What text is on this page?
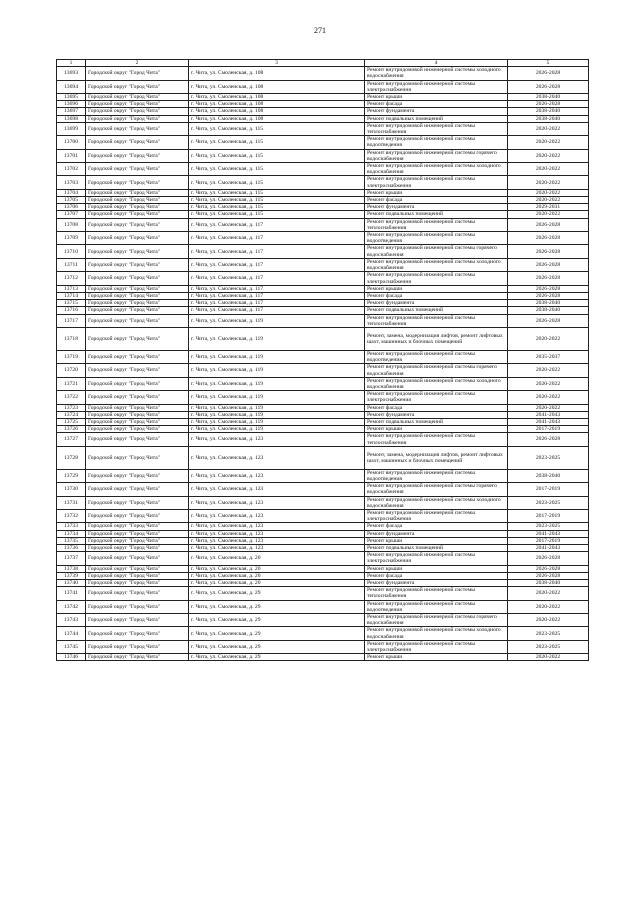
271
1	2	3	4	5
13693	Городской округ "Город Чита"	г. Чита, ул. Смоленская, д. 108	Ремонт внутридомовой инженерной системы холодного водоснабжения	2026-2028
13694	Городской округ "Город Чита"	г. Чита, ул. Смоленская, д. 108	Ремонт внутридомовой инженерной системы электроснабжения	2026-2028
13695	Городской округ "Город Чита"	г. Чита, ул. Смоленская, д. 108	Ремонт крыши	2038-2040
13696	Городской округ "Город Чита"	г. Чита, ул. Смоленская, д. 108	Ремонт фасада	2026-2028
13697	Городской округ "Город Чита"	г. Чита, ул. Смоленская, д. 108	Ремонт фундамента	2038-2040
13698	Городской округ "Город Чита"	г. Чита, ул. Смоленская, д. 108	Ремонт подвальных помещений	2038-2040
13699	Городской округ "Город Чита"	г. Чита, ул. Смоленская, д. 115	Ремонт внутридомовой инженерной системы теплоснабжения	2020-2022
13700	Городской округ "Город Чита"	г. Чита, ул. Смоленская, д. 115	Ремонт внутридомовой инженерной системы водоотведения	2020-2022
13701	Городской округ "Город Чита"	г. Чита, ул. Смоленская, д. 115	Ремонт внутридомовой инженерной системы горячего водоснабжения	2020-2022
13702	Городской округ "Город Чита"	г. Чита, ул. Смоленская, д. 115	Ремонт внутридомовой инженерной системы холодного водоснабжения	2020-2022
13703	Городской округ "Город Чита"	г. Чита, ул. Смоленская, д. 115	Ремонт внутридомовой инженерной системы электроснабжения	2020-2022
13704	Городской округ "Город Чита"	г. Чита, ул. Смоленская, д. 115	Ремонт крыши	2020-2022
13705	Городской округ "Город Чита"	г. Чита, ул. Смоленская, д. 115	Ремонт фасада	2020-2022
13706	Городской округ "Город Чита"	г. Чита, ул. Смоленская, д. 115	Ремонт фундамента	2029-2031
13707	Городской округ "Город Чита"	г. Чита, ул. Смоленская, д. 115	Ремонт подвальных помещений	2020-2022
13708	Городской округ "Город Чита"	г. Чита, ул. Смоленская, д. 117	Ремонт внутридомовой инженерной системы теплоснабжения	2026-2028
13709	Городской округ "Город Чита"	г. Чита, ул. Смоленская, д. 117	Ремонт внутридомовой инженерной системы водоотведения	2026-2028
13710	Городской округ "Город Чита"	г. Чита, ул. Смоленская, д. 117	Ремонт внутридомовой инженерной системы горячего водоснабжения	2026-2028
13711	Городской округ "Город Чита"	г. Чита, ул. Смоленская, д. 117	Ремонт внутридомовой инженерной системы холодного водоснабжения	2026-2028
13712	Городской округ "Город Чита"	г. Чита, ул. Смоленская, д. 117	Ремонт внутридомовой инженерной системы электроснабжения	2026-2028
13713	Городской округ "Город Чита"	г. Чита, ул. Смоленская, д. 117	Ремонт крыши	2026-2028
13714	Городской округ "Город Чита"	г. Чита, ул. Смоленская, д. 117	Ремонт фасада	2026-2028
13715	Городской округ "Город Чита"	г. Чита, ул. Смоленская, д. 117	Ремонт фундамента	2038-2040
13716	Городской округ "Город Чита"	г. Чита, ул. Смоленская, д. 117	Ремонт подвальных помещений	2038-2040
13717	Городской округ "Город Чита"	г. Чита, ул. Смоленская, д. 119	Ремонт внутридомовой инженерной системы теплоснабжения	2026-2028
13718	Городской округ "Город Чита"	г. Чита, ул. Смоленская, д. 119	Ремонт, замена, модернизация лифтов, ремонт лифтовых шахт, машинных и блочных помещений	2020-2022
13719	Городской округ "Город Чита"	г. Чита, ул. Смоленская, д. 119	Ремонт внутридомовой инженерной системы водоотведения	2035-2037
13720	Городской округ "Город Чита"	г. Чита, ул. Смоленская, д. 119	Ремонт внутридомовой инженерной системы горячего водоснабжения	2020-2022
13721	Городской округ "Город Чита"	г. Чита, ул. Смоленская, д. 119	Ремонт внутридомовой инженерной системы холодного водоснабжения	2020-2022
13722	Городской округ "Город Чита"	г. Чита, ул. Смоленская, д. 119	Ремонт внутридомовой инженерной системы электроснабжения	2020-2022
13723	Городской округ "Город Чита"	г. Чита, ул. Смоленская, д. 119	Ремонт фасада	2020-2022
13724	Городской округ "Город Чита"	г. Чита, ул. Смоленская, д. 119	Ремонт фундамента	2041-2043
13725	Городской округ "Город Чита"	г. Чита, ул. Смоленская, д. 119	Ремонт подвальных помещений	2041-2043
13726	Городской округ "Город Чита"	г. Чита, ул. Смоленская, д. 119	Ремонт крыши	2017-2019
13727	Городской округ "Город Чита"	г. Чита, ул. Смоленская, д. 123	Ремонт внутридомовой инженерной системы теплоснабжения	2026-2028
13728	Городской округ "Город Чита"	г. Чита, ул. Смоленская, д. 123	Ремонт, замена, модернизация лифтов, ремонт лифтовых шахт, машинных и блочных помещений	2023-2025
13729	Городской округ "Город Чита"	г. Чита, ул. Смоленская, д. 123	Ремонт внутридомовой инженерной системы водоотведения	2038-2040
13730	Городской округ "Город Чита"	г. Чита, ул. Смоленская, д. 123	Ремонт внутридомовой инженерной системы горячего водоснабжения	2017-2019
13731	Городской округ "Город Чита"	г. Чита, ул. Смоленская, д. 123	Ремонт внутридомовой инженерной системы холодного водоснабжения	2023-2025
13732	Городской округ "Город Чита"	г. Чита, ул. Смоленская, д. 123	Ремонт внутридомовой инженерной системы электроснабжения	2017-2019
13733	Городской округ "Город Чита"	г. Чита, ул. Смоленская, д. 123	Ремонт фасада	2023-2025
13734	Городской округ "Город Чита"	г. Чита, ул. Смоленская, д. 123	Ремонт фундамента	2041-2043
13735	Городской округ "Город Чита"	г. Чита, ул. Смоленская, д. 123	Ремонт крыши	2017-2019
13736	Городской округ "Город Чита"	г. Чита, ул. Смоленская, д. 123	Ремонт подвальных помещений	2041-2043
13737	Городской округ "Город Чита"	г. Чита, ул. Смоленская, д. 20	Ремонт внутридомовой инженерной системы электроснабжения	2026-2028
13738	Городской округ "Город Чита"	г. Чита, ул. Смоленская, д. 20	Ремонт крыши	2026-2028
13739	Городской округ "Город Чита"	г. Чита, ул. Смоленская, д. 20	Ремонт фасада	2026-2028
13740	Городской округ "Город Чита"	г. Чита, ул. Смоленская, д. 20	Ремонт фундамента	2038-2040
13741	Городской округ "Город Чита"	г. Чита, ул. Смоленская, д. 29	Ремонт внутридомовой инженерной системы теплоснабжения	2020-2022
13742	Городской округ "Город Чита"	г. Чита, ул. Смоленская, д. 29	Ремонт внутридомовой инженерной системы водоотведения	2020-2022
13743	Городской округ "Город Чита"	г. Чита, ул. Смоленская, д. 29	Ремонт внутридомовой инженерной системы горячего водоснабжения	2020-2022
13744	Городской округ "Город Чита"	г. Чита, ул. Смоленская, д. 29	Ремонт внутридомовой инженерной системы холодного водоснабжения	2023-2025
13745	Городской округ "Город Чита"	г. Чита, ул. Смоленская, д. 29	Ремонт внутридомовой инженерной системы электроснабжения	2023-2025
13746	Городской округ "Город Чита"	г. Чита, ул. Смоленская, д. 29	Ремонт крыши	2020-2022
